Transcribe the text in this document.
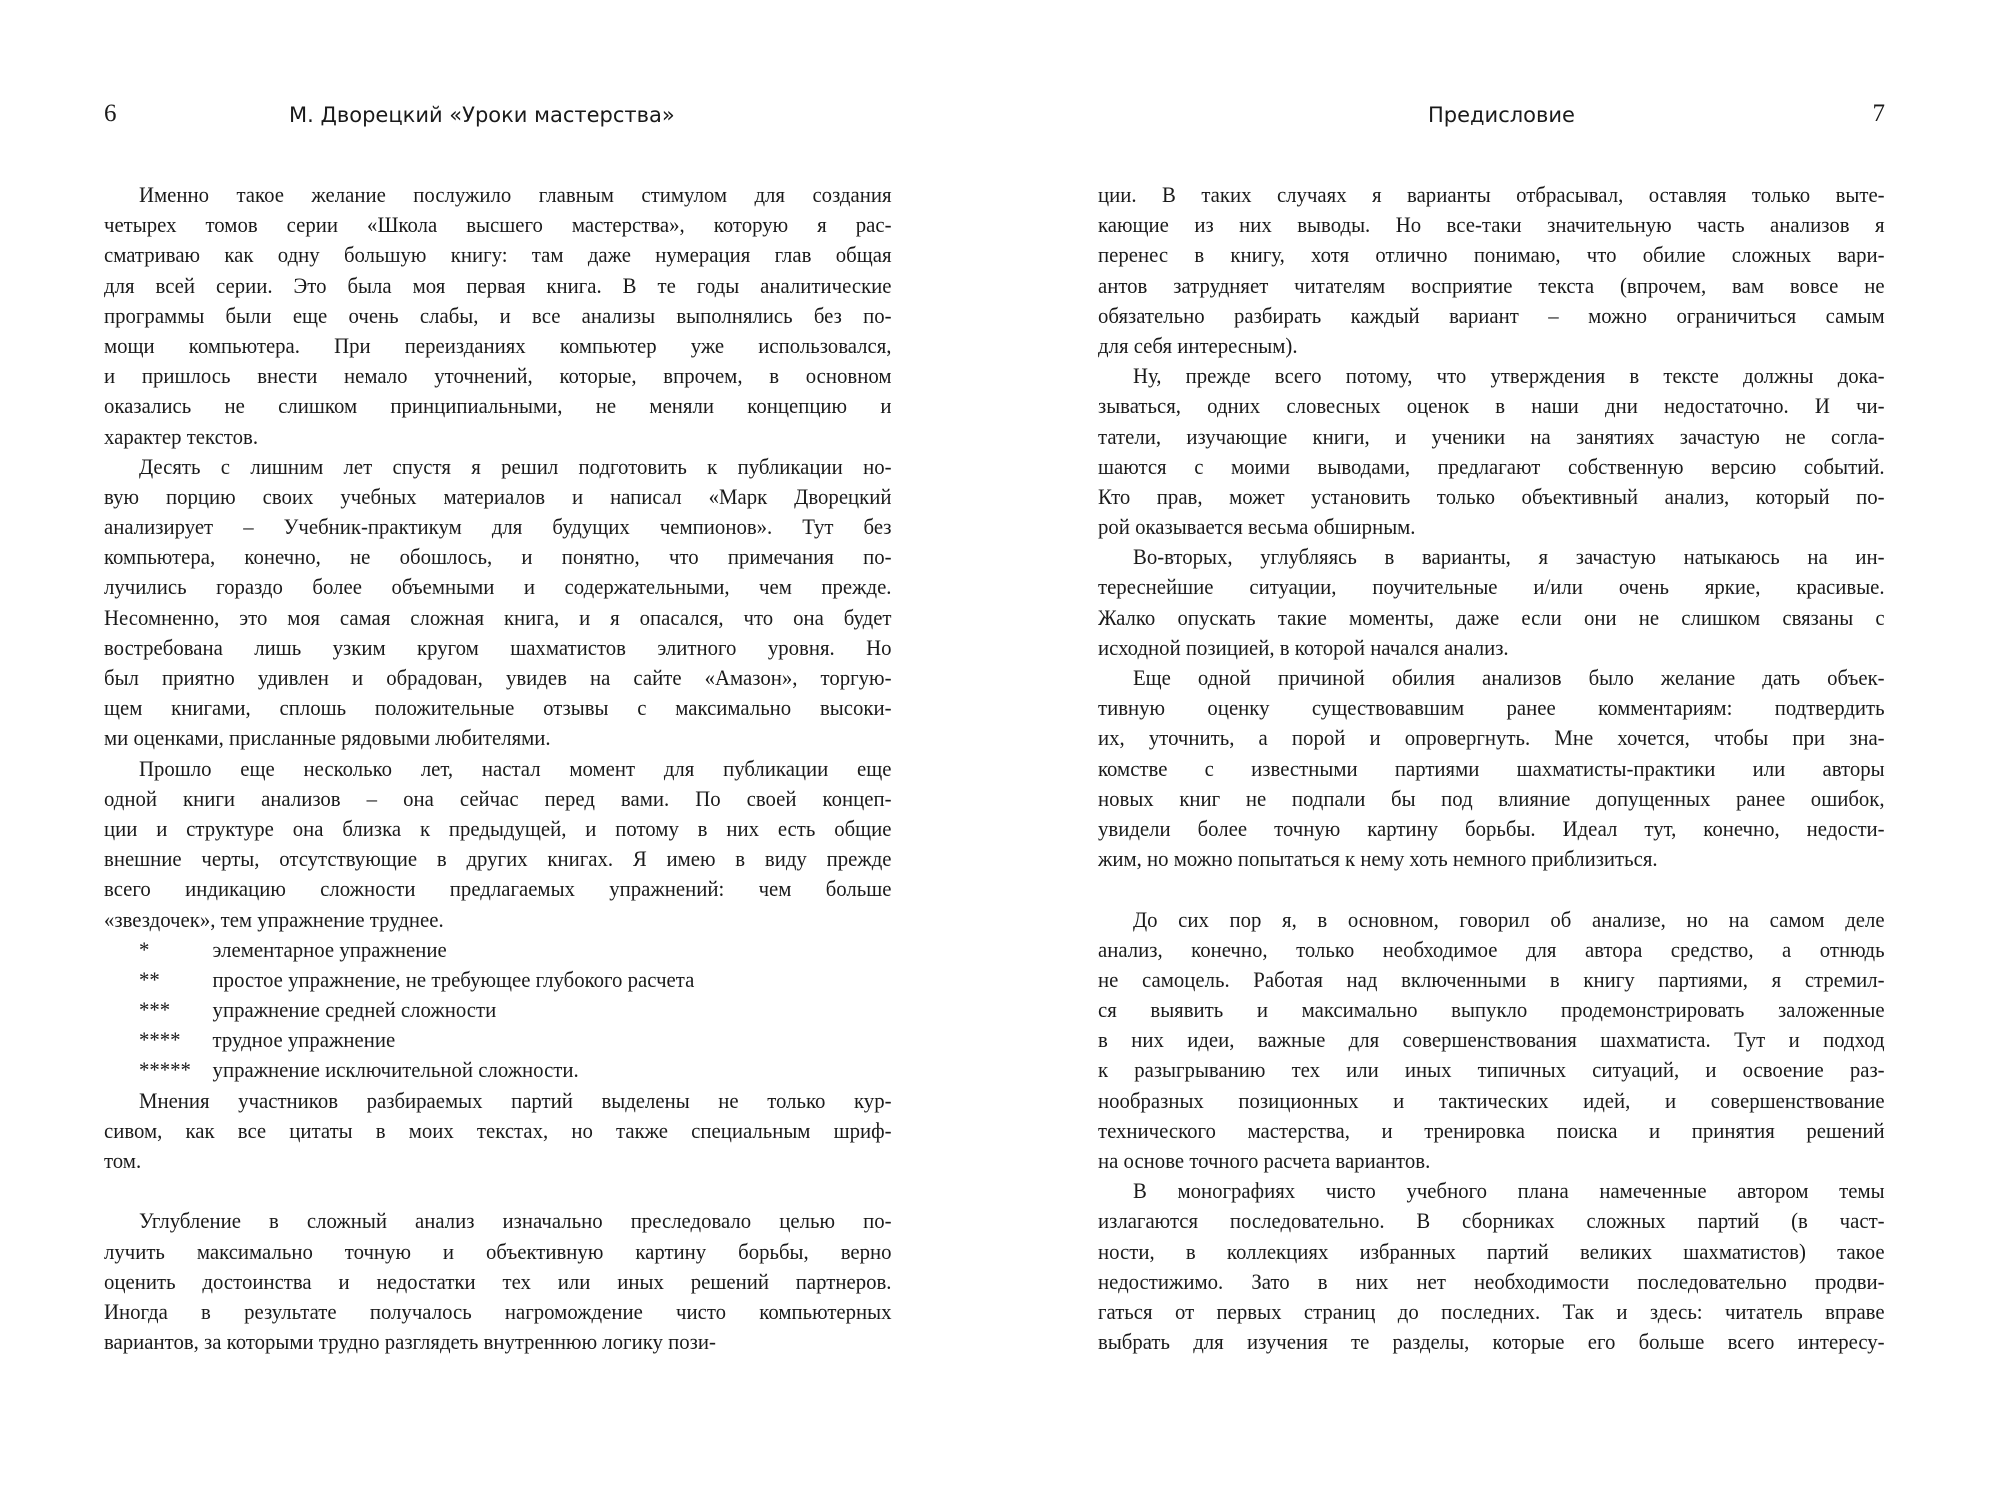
6	М. Дворецкий «Уроки мастерства»
Именно такое желание послужило главным стимулом для создания
четырех томов серии «Школа высшего мастерства», которую я рас-
сматриваю как одну большую книгу: там даже нумерация глав общая
для всей серии. Это была моя первая книга. В те годы аналитические
программы были еще очень слабы, и все анализы выполнялись без по-
мощи компьютера. При переизданиях компьютер уже использовался,
и пришлось внести немало уточнений, которые, впрочем, в основном
оказались не слишком принципиальными, не меняли концепцию и
характер текстов.
Десять с лишним лет спустя я решил подготовить к публикации но-
вую порцию своих учебных материалов и написал «Марк Дворецкий
анализирует – Учебник-практикум для будущих чемпионов». Тут без
компьютера, конечно, не обошлось, и понятно, что примечания по-
лучились гораздо более объемными и содержательными, чем прежде.
Несомненно, это моя самая сложная книга, и я опасался, что она будет
востребована лишь узким кругом шахматистов элитного уровня. Но
был приятно удивлен и обрадован, увидев на сайте «Амазон», торгую-
щем книгами, сплошь положительные отзывы с максимально высоки-
ми оценками, присланные рядовыми любителями.
Прошло еще несколько лет, настал момент для публикации еще
одной книги анализов – она сейчас перед вами. По своей концеп-
ции и структуре она близка к предыдущей, и потому в них есть общие
внешние черты, отсутствующие в других книгах. Я имею в виду прежде
всего индикацию сложности предлагаемых упражнений: чем больше
«звездочек», тем упражнение труднее.
*	элементарное упражнение
** простое упражнение, не требующее глубокого расчета
*** упражнение средней сложности
**** трудное упражнение
***** упражнение исключительной сложности.
Мнения участников разбираемых партий выделены не только кур-
сивом, как все цитаты в моих текстах, но также специальным шриф-
том.
Углубление в сложный анализ изначально преследовало целью по-
лучить максимально точную и объективную картину борьбы, верно
оценить достоинства и недостатки тех или иных решений партнеров.
Иногда в результате получалось нагромождение чисто компьютерных
вариантов, за которыми трудно разглядеть внутреннюю логику пози-
Предисловие	7
ции. В таких случаях я варианты отбрасывал, оставляя только выте-
кающие из них выводы. Но все-таки значительную часть анализов я
перенес в книгу, хотя отлично понимаю, что обилие сложных вари-
антов затрудняет читателям восприятие текста (впрочем, вам вовсе не
обязательно разбирать каждый вариант – можно ограничиться самым
для себя интересным).
Ну, прежде всего потому, что утверждения в тексте должны дока-
зываться, одних словесных оценок в наши дни недостаточно. И чи-
татели, изучающие книги, и ученики на занятиях зачастую не согла-
шаются с моими выводами, предлагают собственную версию событий.
Кто прав, может установить только объективный анализ, который по-
рой оказывается весьма обширным.
Во-вторых, углубляясь в варианты, я зачастую натыкаюсь на ин-
тереснейшие ситуации, поучительные и/или очень яркие, красивые.
Жалко опускать такие моменты, даже если они не слишком связаны с
исходной позицией, в которой начался анализ.
Еще одной причиной обилия анализов было желание дать объек-
тивную оценку существовавшим ранее комментариям: подтвердить
их, уточнить, а порой и опровергнуть. Мне хочется, чтобы при зна-
комстве с известными партиями шахматисты-практики или авторы
новых книг не подпали бы под влияние допущенных ранее ошибок,
увидели более точную картину борьбы. Идеал тут, конечно, недости-
жим, но можно попытаться к нему хоть немного приблизиться.
До сих пор я, в основном, говорил об анализе, но на самом деле
анализ, конечно, только необходимое для автора средство, а отнюдь
не самоцель. Работая над включенными в книгу партиями, я стремил-
ся выявить и максимально выпукло продемонстрировать заложенные
в них идеи, важные для совершенствования шахматиста. Тут и подход
к разыгрыванию тех или иных типичных ситуаций, и освоение раз-
нообразных позиционных и тактических идей, и совершенствование
технического мастерства, и тренировка поиска и принятия решений
на основе точного расчета вариантов.
В монографиях чисто учебного плана намеченные автором темы
излагаются последовательно. В сборниках сложных партий (в част-
ности, в коллекциях избранных партий великих шахматистов) такое
недостижимо. Зато в них нет необходимости последовательно продви-
гаться от первых страниц до последних. Так и здесь: читатель вправе
выбрать для изучения те разделы, которые его больше всего интересу-
